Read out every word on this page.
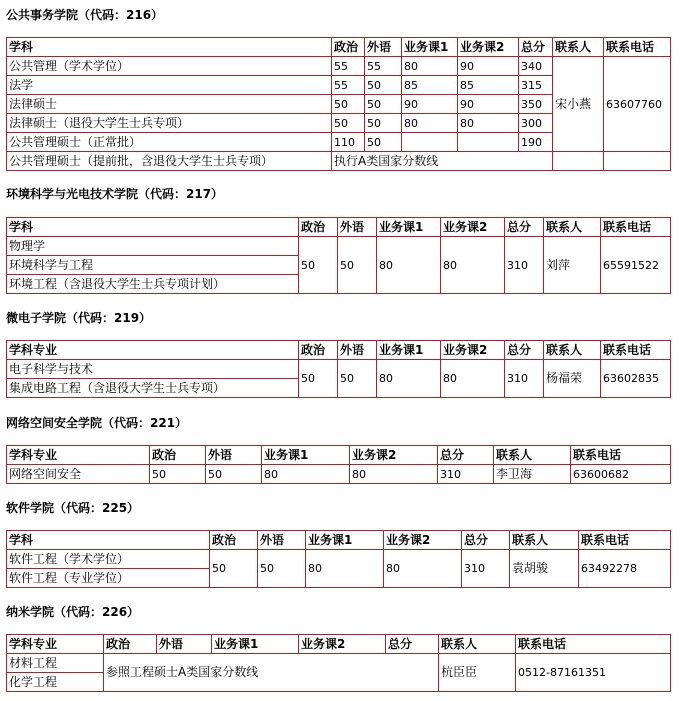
公共事务学院（代码：216）
学科	政治	外语	业务课1	业务课2	总分	联系人	联系电话
公共管理（学术学位）	55	55	80	90	340	宋小燕	63607760
法学	55	50	85	85	315		
法律硕士	50	50	90	90	350		
法律硕士（退役大学生士兵专项）	50	50	80	80	300		
公共管理硕士（正常批）	110	50			190		
公共管理硕士（提前批，含退役大学生士兵专项）	执行A类国家分数线						
环境科学与光电技术学院（代码：217）
学科	政治	外语	业务课1	业务课2	总分	联系人	联系电话
物理学	50	50	80	80	310	刘萍	65591522
环境科学与工程							
环境工程（含退役大学生士兵专项计划）							
微电子学院（代码：219）
学科专业	政治	外语	业务课1	业务课2	总分	联系人	联系电话
电子科学与技术	50	50	80	80	310	杨福荣	63602835
集成电路工程（含退役大学生士兵专项）							
网络空间安全学院（代码：221）
学科专业	政治	外语	业务课1	业务课2	总分	联系人	联系电话
网络空间安全	50	50	80	80	310	李卫海	63600682
软件学院（代码：225）
学科	政治	外语	业务课1	业务课2	总分	联系人	联系电话
软件工程（学术学位）	50	50	80	80	310	袁胡骏	63492278
软件工程（专业学位）							
纳米学院（代码：226）
学科专业	政治	外语	业务课1	业务课2	总分	联系人	联系电话
材料工程	参照工程硕士A类国家分数线					杭臣臣	0512-87161351
化学工程							
